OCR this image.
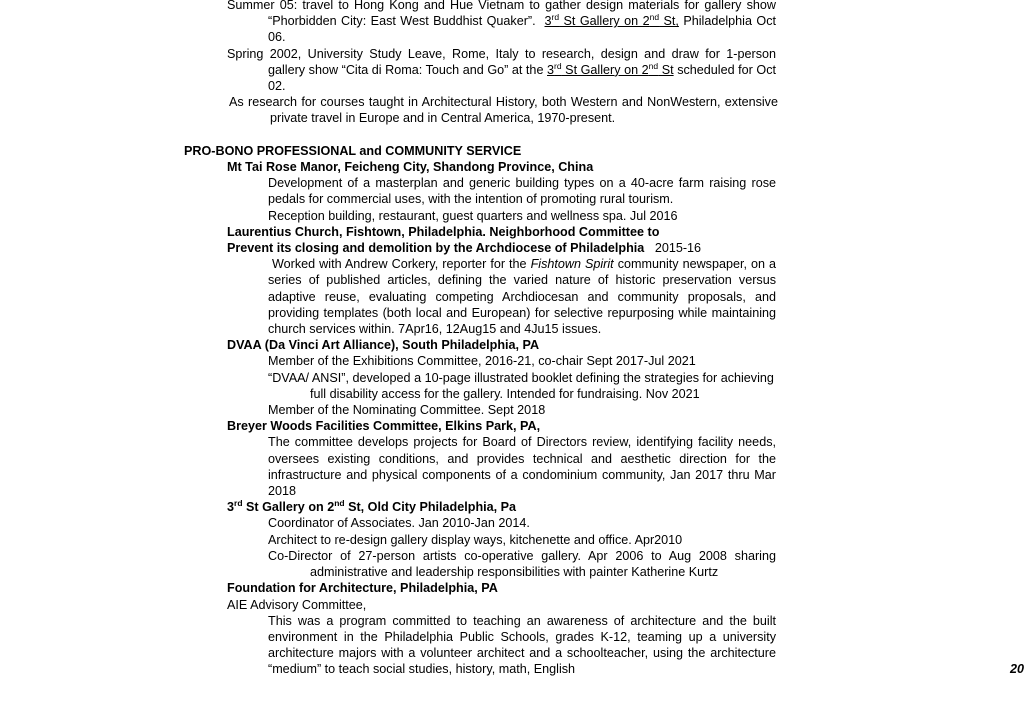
Summer 05: travel to Hong Kong and Hue Vietnam to gather design materials for gallery show “Phorbidden City: East West Buddhist Quaker”. 3rd St Gallery on 2nd St, Philadelphia Oct 06.
Spring 2002, University Study Leave, Rome, Italy to research, design and draw for 1-person gallery show “Cita di Roma: Touch and Go” at the 3rd St Gallery on 2nd St scheduled for Oct 02.
As research for courses taught in Architectural History, both Western and NonWestern, extensive private travel in Europe and in Central America, 1970-present.
PRO-BONO PROFESSIONAL and COMMUNITY SERVICE
Mt Tai Rose Manor, Feicheng City, Shandong Province, China
Development of a masterplan and generic building types on a 40-acre farm raising rose pedals for commercial uses, with the intention of promoting rural tourism.
Reception building, restaurant, guest quarters and wellness spa. Jul 2016
Laurentius Church, Fishtown, Philadelphia. Neighborhood Committee to
Prevent its closing and demolition by the Archdiocese of Philadelphia 2015-16
Worked with Andrew Corkery, reporter for the Fishtown Spirit community newspaper, on a series of published articles, defining the varied nature of historic preservation versus adaptive reuse, evaluating competing Archdiocesan and community proposals, and providing templates (both local and European) for selective repurposing while maintaining church services within. 7Apr16, 12Aug15 and 4Ju15 issues.
DVAA (Da Vinci Art Alliance), South Philadelphia, PA
Member of the Exhibitions Committee, 2016-21, co-chair Sept 2017-Jul 2021
“DVAA/ ANSI”, developed a 10-page illustrated booklet defining the strategies for achieving full disability access for the gallery. Intended for fundraising. Nov 2021
Member of the Nominating Committee. Sept 2018
Breyer Woods Facilities Committee, Elkins Park, PA,
The committee develops projects for Board of Directors review, identifying facility needs, oversees existing conditions, and provides technical and aesthetic direction for the infrastructure and physical components of a condominium community, Jan 2017 thru Mar 2018
3rd St Gallery on 2nd St, Old City Philadelphia, Pa
Coordinator of Associates. Jan 2010-Jan 2014.
Architect to re-design gallery display ways, kitchenette and office. Apr2010
Co-Director of 27-person artists co-operative gallery. Apr 2006 to Aug 2008 sharing administrative and leadership responsibilities with painter Katherine Kurtz
Foundation for Architecture, Philadelphia, PA
AIE Advisory Committee,
This was a program committed to teaching an awareness of architecture and the built environment in the Philadelphia Public Schools, grades K-12, teaming up a university architecture majors with a volunteer architect and a schoolteacher, using the architecture “medium” to teach social studies, history, math, English	20
